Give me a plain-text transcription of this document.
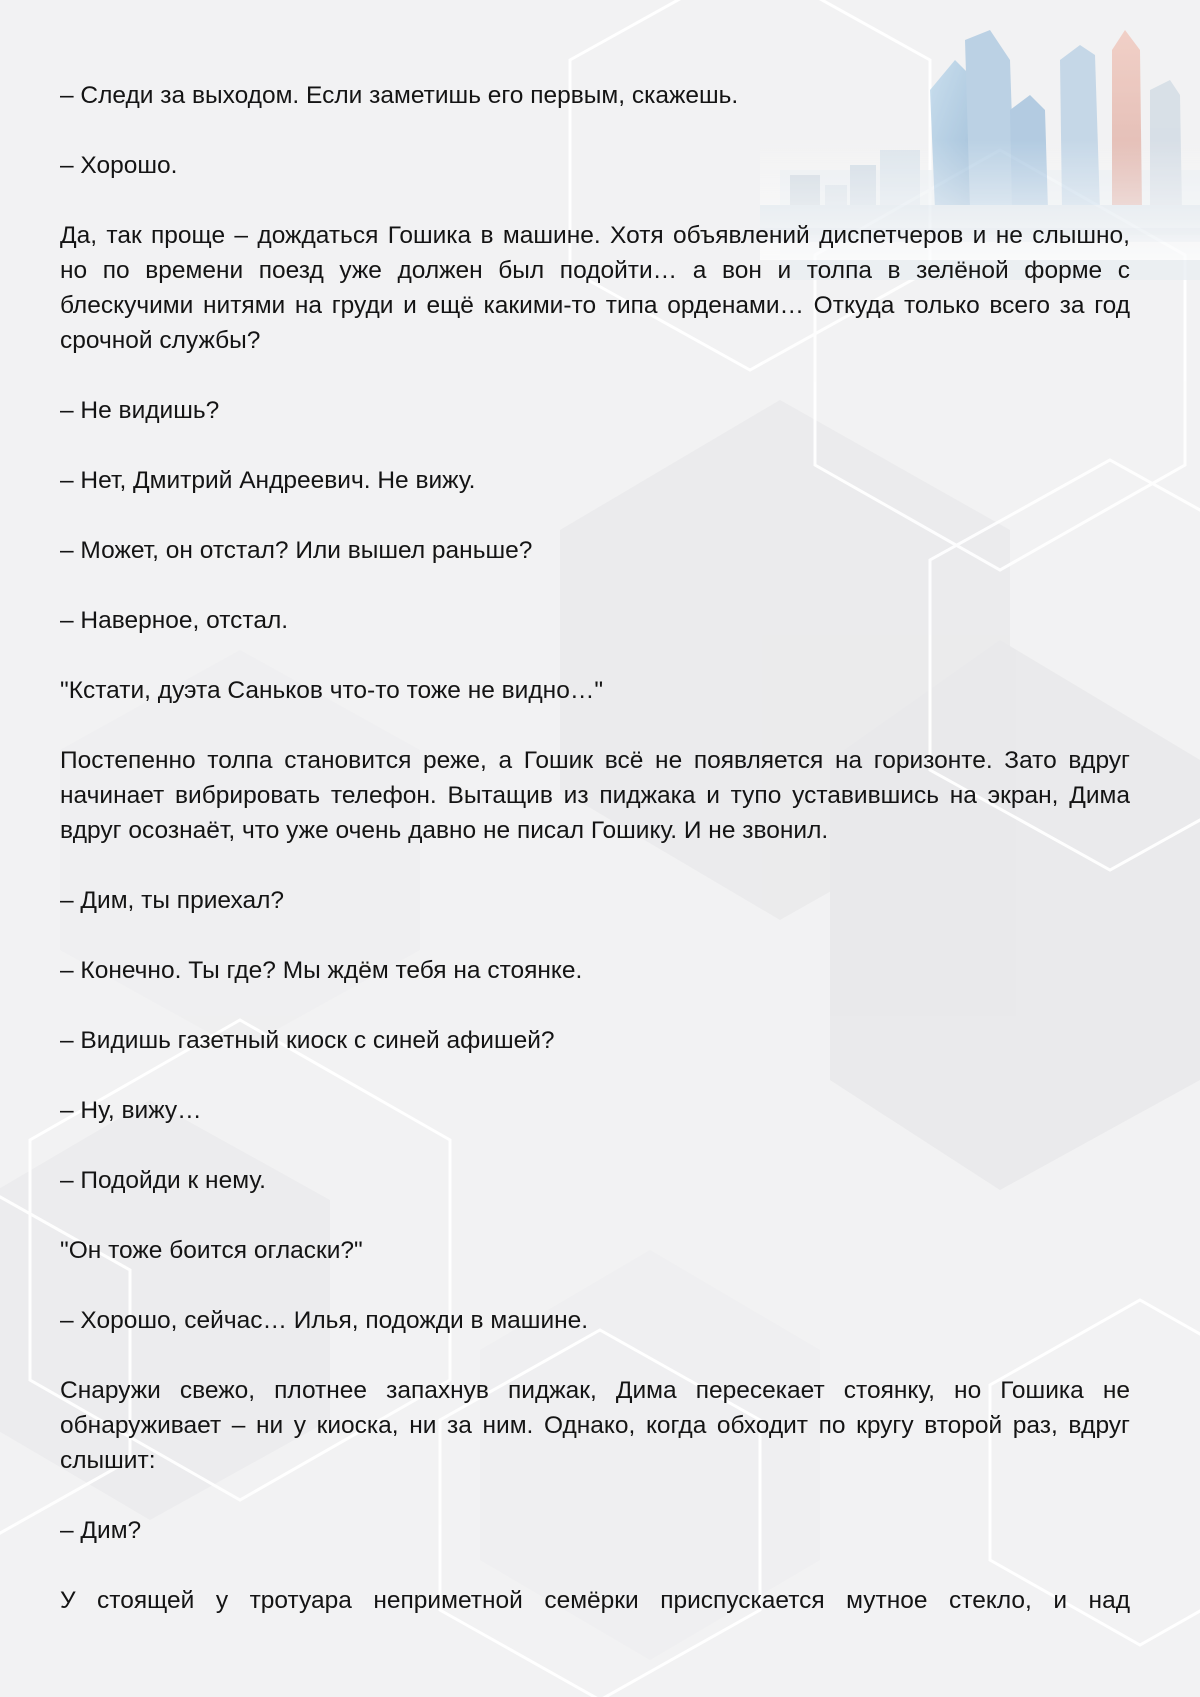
– Следи за выходом. Если заметишь его первым, скажешь.

– Хорошо.

Да, так проще – дождаться Гошика в машине. Хотя объявлений диспетчеров и не слышно, но по времени поезд уже должен был подойти… а вон и толпа в зелёной форме с блескучими нитями на груди и ещё какими-то типа орденами… Откуда только всего за год срочной службы?

– Не видишь?

– Нет, Дмитрий Андреевич. Не вижу.

– Может, он отстал? Или вышел раньше?

– Наверное, отстал.

"Кстати, дуэта Саньков что-то тоже не видно…"

Постепенно толпа становится реже, а Гошик всё не появляется на горизонте. Зато вдруг начинает вибрировать телефон. Вытащив из пиджака и тупо уставившись на экран, Дима вдруг осознаёт, что уже очень давно не писал Гошику. И не звонил.

– Дим, ты приехал?

– Конечно. Ты где? Мы ждём тебя на стоянке.

– Видишь газетный киоск с синей афишей?

– Ну, вижу…

– Подойди к нему.

"Он тоже боится огласки?"

– Хорошо, сейчас… Илья, подожди в машине.

Снаружи свежо, плотнее запахнув пиджак, Дима пересекает стоянку, но Гошика не обнаруживает – ни у киоска, ни за ним. Однако, когда обходит по кругу второй раз, вдруг слышит:

– Дим?

У стоящей у тротуара неприметной семёрки приспускается мутное стекло, и над
